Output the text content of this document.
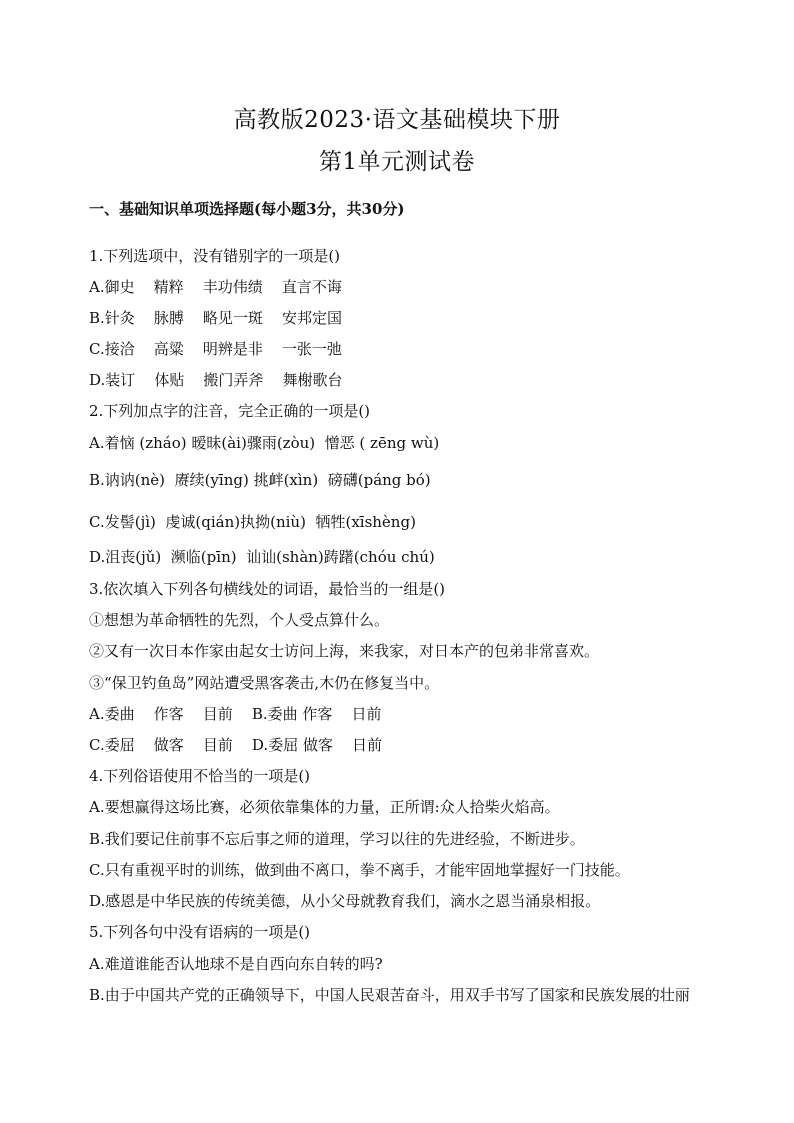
高教版2023·语文基础模块下册
第1单元测试卷
一、基础知识单项选择题(每小题3分，共30分)
1.下列选项中，没有错别字的一项是()
A.御史    精粹    丰功伟绩    直言不诲
B.针灸    脉膊    略见一斑    安邦定国
C.接洽    高粱    明辨是非    一张一弛
D.装订    体贴    搬门弄斧    舞榭歌台
2.下列加点字的注音，完全正确的一项是()
A.着恼 (zháo) 暧昧(ài)骤雨(zòu)  憎恶 ( zēng wù)
B.讷讷(nè)  赓续(yīng) 挑衅(xìn)  磅礴(páng bó)
C.发髻(jì)  虔诚(qián)执拗(niù)  牺牲(xīshèng)
D.沮丧(jǔ)  濒临(pīn)  讪讪(shàn)踌躇(chóu chú)
3.依次填入下列各句横线处的词语，最恰当的一组是()
①想想为革命牺牲的先烈，个人受点算什么。
②又有一次日本作家由起女士访问上海，来我家，对日本产的包弟非常喜欢。
③“保卫钓鱼岛”网站遭受黑客袭击,木仍在修复当中。
A.委曲    作客    目前    B.委曲 作客    日前
C.委屈    做客    目前    D.委屈 做客    日前
4.下列俗语使用不恰当的一项是()
A.要想赢得这场比赛，必须依靠集体的力量，正所谓:众人拾柴火焰高。
B.我们要记住前事不忘后事之师的道理，学习以往的先进经验，不断进步。
C.只有重视平时的训练，做到曲不离口，拳不离手，才能牢固地掌握好一门技能。
D.感恩是中华民族的传统美德，从小父母就教育我们，滴水之恩当涌泉相报。
5.下列各句中没有语病的一项是()
A.难道谁能否认地球不是自西向东自转的吗?
B.由于中国共产党的正确领导下，中国人民艰苦奋斗，用双手书写了国家和民族发展的壮丽
